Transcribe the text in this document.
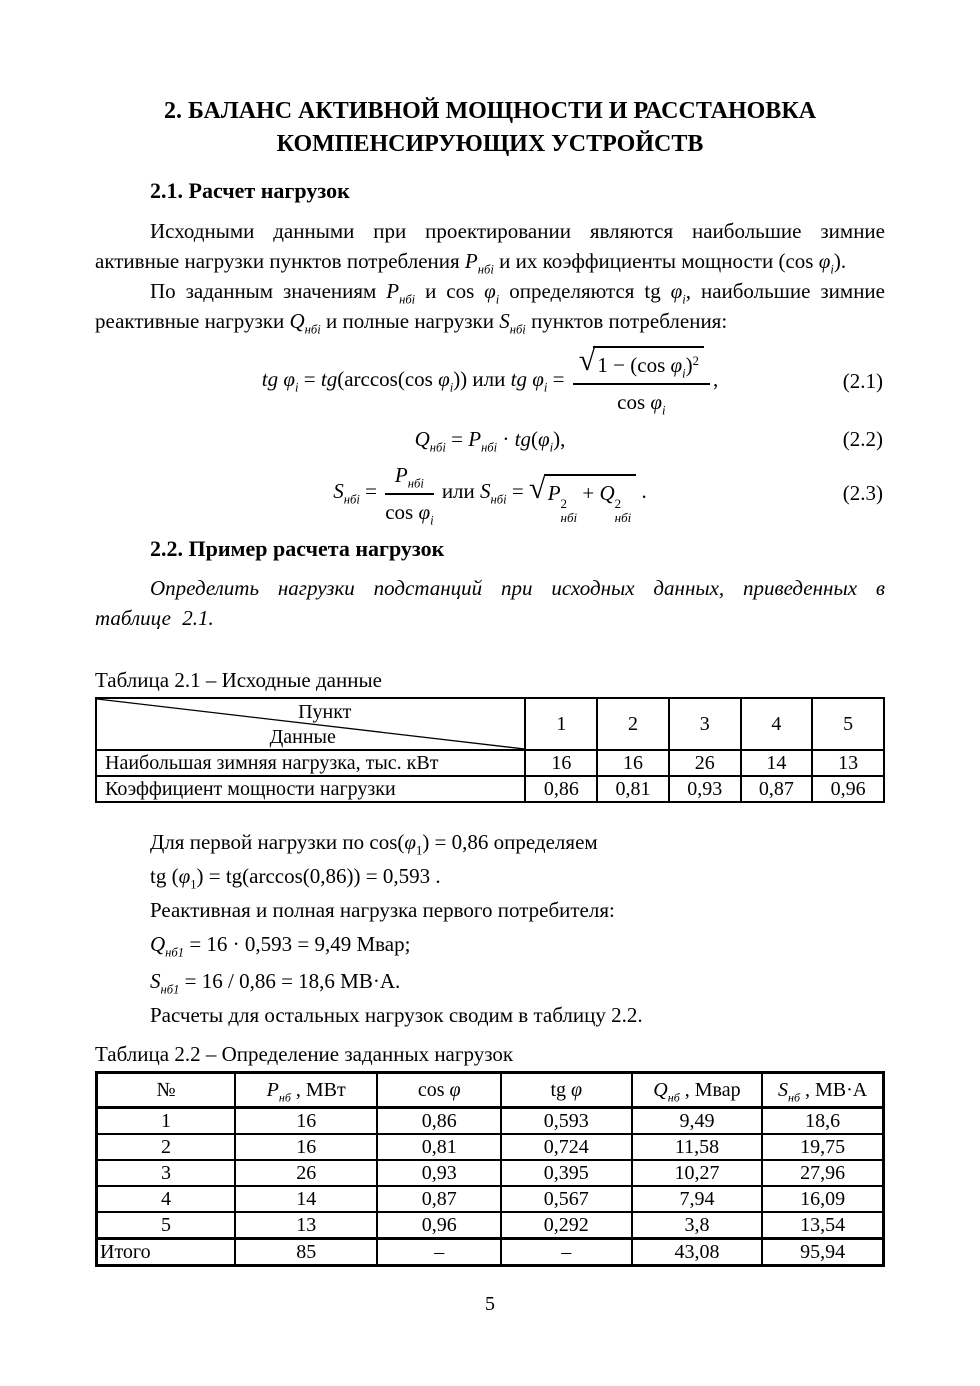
2. БАЛАНС АКТИВНОЙ МОЩНОСТИ И РАССТАНОВКА
КОМПЕНСИРУЮЩИХ УСТРОЙСТВ
2.1. Расчет нагрузок
Исходными данными при проектировании являются наибольшие зимние активные нагрузки пунктов потребления $P_{нбi}$ и их коэффициенты мощности (cos $\varphi_i$).
По заданным значениям $P_{нбi}$ и $\cos \varphi_i$ определяются tg $\varphi_i$, наибольшие зимние реактивные нагрузки $Q_{нбi}$ и полные нагрузки $S_{нбi}$ пунктов потребления:
tg $\varphi_i = tg(\arccos(\cos$ $\varphi_i$)) или tg $\varphi_i = \frac{√ 1 - (\cos \varphi_i)^2}{\cos \varphi_i}$ ,	(2.1)
$Q_{нбi} = P_{нбi} \cdot tg(\varphi_i)$,	(2.2)
$S_{нбi} = \frac{P_{нбi}}{\cos \varphi_i}$ или $S_{нбi}$ = √ P 2
нбi
+ Q 2
нбi
.	(2.3)
2.2. Пример расчета нагрузок
Определить нагрузки подстанций при исходных данных, приведенных в таблице 2.1.
Таблица 2.1 – Исходные данные
Пункт
Данные	1	2	3	4	5
Наибольшая зимняя нагрузка, тыс. кВт	16	16	26	14	13
Коэффициент мощности нагрузки	0,86	0,81	0,93	0,87	0,96
Для первой нагрузки по $\cos(\varphi_1) = 0,86$ определяем
tg $(\varphi_1) = tg(\arccos(0,86)) = 0,593$ .
Реактивная и полная нагрузка первого потребителя:
$Q_{нб1} = 16 \cdot 0,593 = 9,49$ Мвар;
$S_{нб1} = 16 / 0,86 = 18,6$ МВ·А.
Расчеты для остальных нагрузок сводим в таблицу 2.2.
Таблица 2.2 – Определение заданных нагрузок
№	$P_{нб}$ , МВт	cos φ	tg φ	$Q_{нб}$ , Мвар	$S_{нб}$ , МВ·А
1	16	0,86	0,593	9,49	18,6
2	16	0,81	0,724	11,58	19,75
3	26	0,93	0,395	10,27	27,96
4	14	0,87	0,567	7,94	16,09
5	13	0,96	0,292	3,8	13,54
Итого	85	–	–	43,08	95,94
5
